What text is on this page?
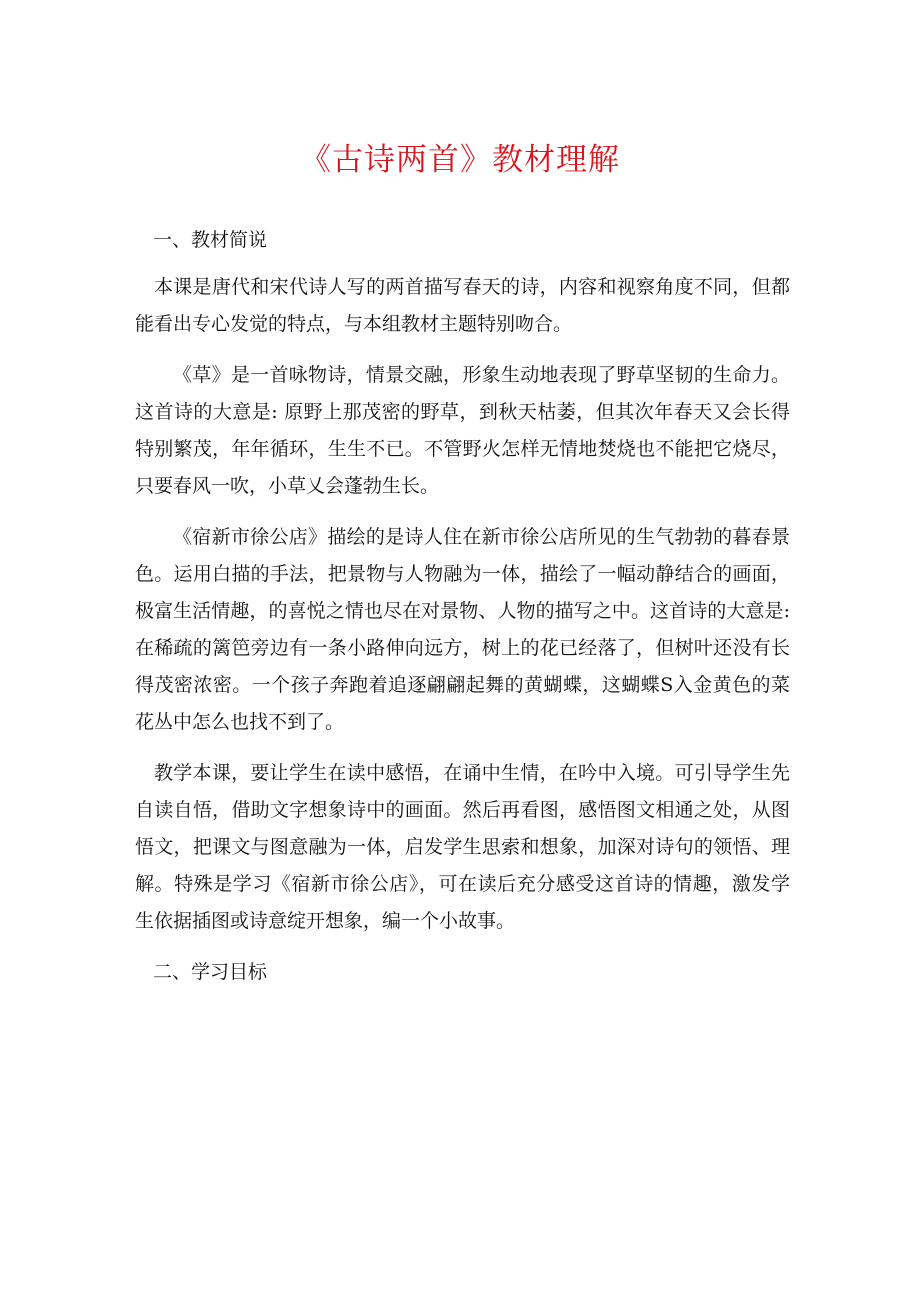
《古诗两首》教材理解

一、教材简说

本课是唐代和宋代诗人写的两首描写春天的诗，内容和视察角度不同，但都能看出专心发觉的特点，与本组教材主题特别吻合。

《草》是一首咏物诗，情景交融，形象生动地表现了野草坚韧的生命力。这首诗的大意是: 原野上那茂密的野草，到秋天枯萎，但其次年春天又会长得特别繁茂，年年循环，生生不已。不管野火怎样无情地焚烧也不能把它烧尽，只要春风一吹，小草乂会蓬勃生长。

《宿新市徐公店》描绘的是诗人住在新市徐公店所见的生气勃勃的暮春景色。运用白描的手法，把景物与人物融为一体，描绘了一幅动静结合的画面，极富生活情趣，的喜悦之情也尽在对景物、人物的描写之中。这首诗的大意是: 在稀疏的篱笆旁边有一条小路伸向远方，树上的花已经落了，但树叶还没有长得茂密浓密。一个孩子奔跑着追逐翩翩起舞的黄蝴蝶，这蝴蝶S入金黄色的菜花丛中怎么也找不到了。

教学本课，要让学生在读中感悟，在诵中生情，在吟中入境。可引导学生先自读自悟，借助文字想象诗中的画面。然后再看图，感悟图文相通之处，从图悟文，把课文与图意融为一体，启发学生思索和想象，加深对诗句的领悟、理解。特殊是学习《宿新市徐公店》，可在读后充分感受这首诗的情趣，激发学生依据插图或诗意绽开想象，编一个小故事。

二、学习目标
